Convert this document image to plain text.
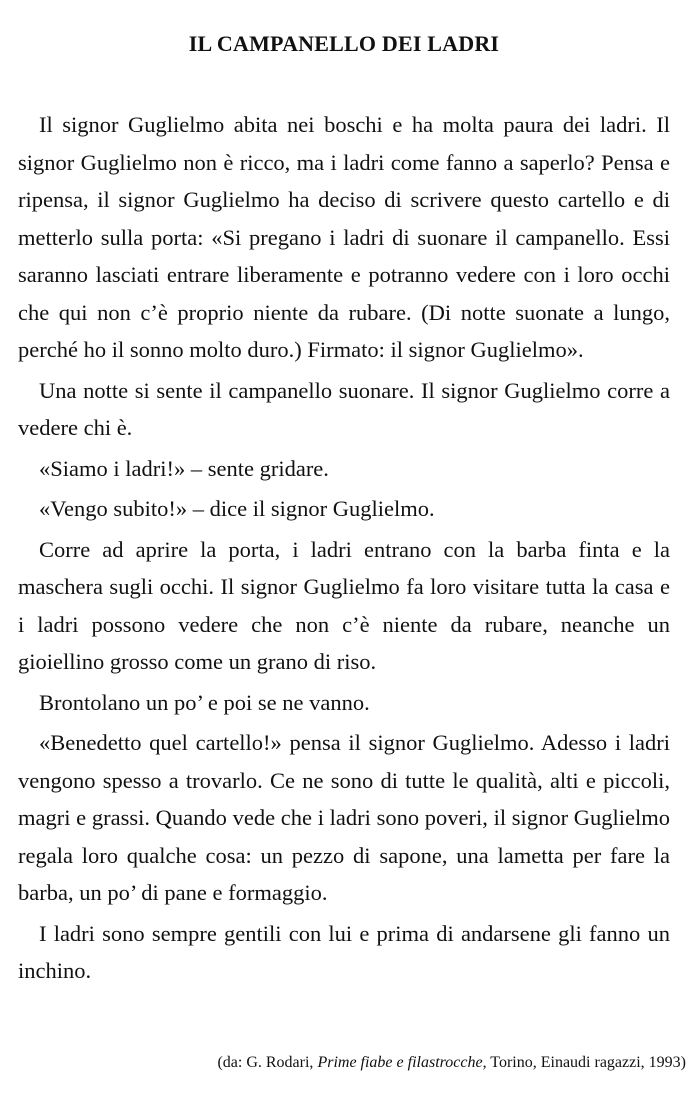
IL CAMPANELLO DEI LADRI

Il signor Guglielmo abita nei boschi e ha molta paura dei ladri. Il signor Guglielmo non è ricco, ma i ladri come fanno a saperlo? Pensa e ripensa, il signor Guglielmo ha deciso di scrivere questo cartello e di metterlo sulla porta: «Si pregano i ladri di suonare il campanello. Essi saranno lasciati entrare liberamente e potranno vedere con i loro occhi che qui non c’è proprio niente da rubare. (Di notte suonate a lungo, perché ho il sonno molto duro.) Firmato: il signor Guglielmo».

Una notte si sente il campanello suonare. Il signor Guglielmo corre a vedere chi è.

«Siamo i ladri!» – sente gridare.

«Vengo subito!» – dice il signor Guglielmo.

Corre ad aprire la porta, i ladri entrano con la barba finta e la maschera sugli occhi. Il signor Guglielmo fa loro visitare tutta la casa e i ladri possono vedere che non c’è niente da rubare, neanche un gioiellino grosso come un grano di riso.

Brontolano un po’ e poi se ne vanno.

«Benedetto quel cartello!» pensa il signor Guglielmo. Adesso i ladri vengono spesso a trovarlo. Ce ne sono di tutte le qualità, alti e piccoli, magri e grassi. Quando vede che i ladri sono poveri, il signor Guglielmo regala loro qualche cosa: un pezzo di sapone, una lametta per fare la barba, un po’ di pane e formaggio.

I ladri sono sempre gentili con lui e prima di andarsene gli fanno un inchino.

(da: G. Rodari, Prime fiabe e filastrocche, Torino, Einaudi ragazzi, 1993)
